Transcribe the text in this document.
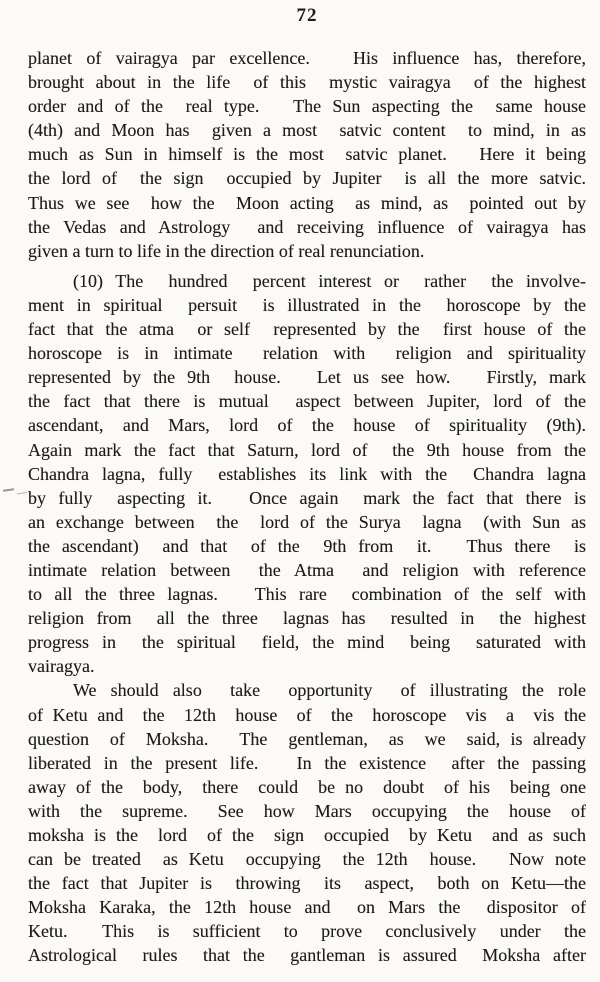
72
planet of vairagya par excellence.   His influence has, therefore,
brought about in the life  of this  mystic vairagya  of the highest
order and of the  real type.   The Sun aspecting the  same house
(4th) and Moon has  given a most  satvic content  to mind, in as
much as Sun in himself is the most  satvic planet.   Here it being
the lord of  the sign  occupied by Jupiter  is all the more satvic.
Thus we see  how the  Moon acting  as mind, as  pointed out by
the Vedas and Astrology  and receiving influence of vairagya has
given a turn to life in the direction of real renunciation.
(10) The  hundred  percent interest or  rather  the involve-
ment in spiritual  persuit  is illustrated in the  horoscope by the
fact that the atma  or self  represented by the  first house of the
horoscope is in intimate  relation with  religion and spirituality
represented by the 9th  house.   Let us see how.   Firstly, mark
the fact that there is mutual  aspect between Jupiter, lord of the
ascendant, and Mars, lord of the house of spirituality (9th).
Again mark the fact that Saturn, lord of  the 9th house from the
Chandra lagna, fully  establishes its link with the  Chandra lagna
by fully  aspecting it.   Once again  mark the fact that there is
an exchange between  the  lord of the Surya  lagna  (with Sun as
the ascendant)  and that  of the  9th from  it.   Thus there  is
intimate relation between  the Atma  and religion with reference
to all the three lagnas.   This rare  combination of the self with
religion from  all the three  lagnas has  resulted in  the highest
progress in  the spiritual  field, the mind  being  saturated with
vairagya.
We should also  take  opportunity  of illustrating the role
of Ketu and  the  12th  house  of  the  horoscope  vis  a  vis the
question  of  Moksha.   The  gentleman,  as  we  said, is already
liberated in the present life.   In the existence  after the passing
away of the  body,  there  could  be no  doubt  of his  being one
with  the  supreme.   See  how  Mars  occupying  the  house  of
moksha is the  lord  of the  sign  occupied  by Ketu  and as such
can be treated  as Ketu  occupying  the 12th  house.   Now note
the fact that Jupiter is  throwing  its  aspect,  both on Ketu—the
Moksha Karaka, the 12th house and  on Mars the  dispositor of
Ketu.   This  is  sufficient  to  prove  conclusively  under  the
Astrological  rules  that the  gantleman is assured  Moksha after
